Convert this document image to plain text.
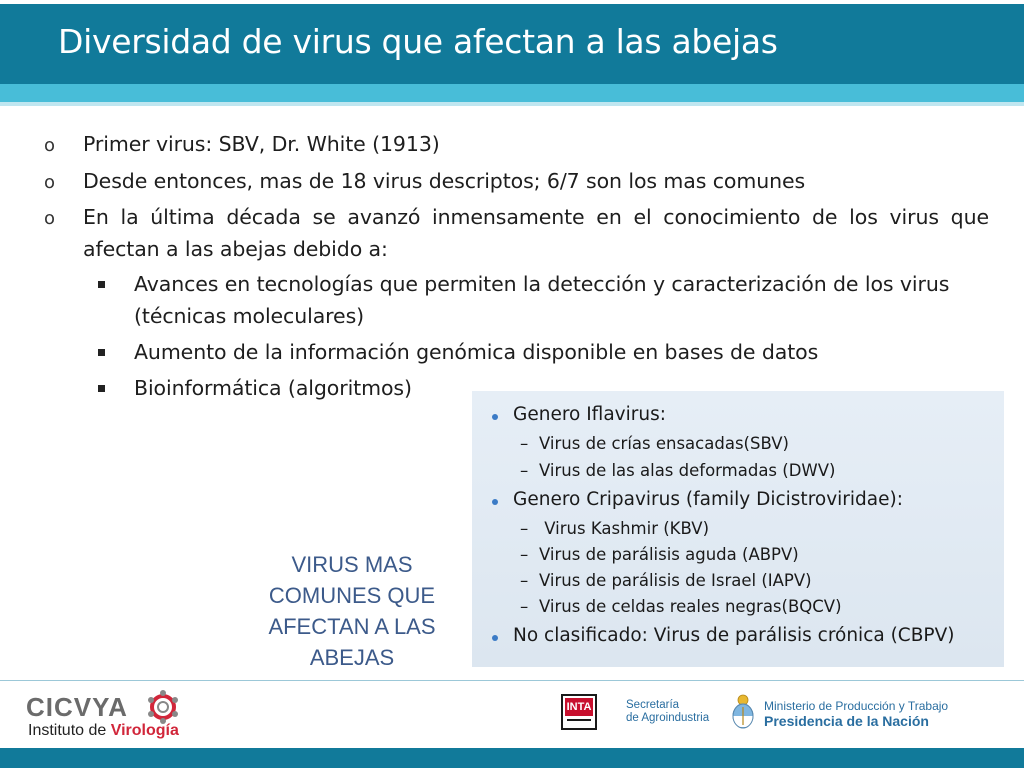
Diversidad de virus que afectan a las abejas
o Primer virus: SBV, Dr. White (1913)
o Desde entonces, mas de 18 virus descriptos; 6/7 son los mas comunes
o En la última década se avanzó inmensamente en el conocimiento de los virus que afectan a las abejas debido a:
Avances en tecnologías que permiten la detección y caracterización de los virus (técnicas moleculares)
Aumento de la información genómica disponible en bases de datos
Bioinformática (algoritmos)
Genero Iflavirus:
– Virus de crías ensacadas(SBV)
– Virus de las alas deformadas (DWV)
Genero Cripavirus (family Dicistroviridae):
– Virus Kashmir (KBV)
– Virus de parálisis aguda (ABPV)
– Virus de parálisis de Israel (IAPV)
– Virus de celdas reales negras(BQCV)
No clasificado: Virus de parálisis crónica (CBPV)
VIRUS MAS COMUNES QUE AFECTAN A LAS ABEJAS
CICVYA
Instituto de Virología
INTA	Secretaría
de Agroindustria
Ministerio de Producción y Trabajo
Presidencia de la Nación
